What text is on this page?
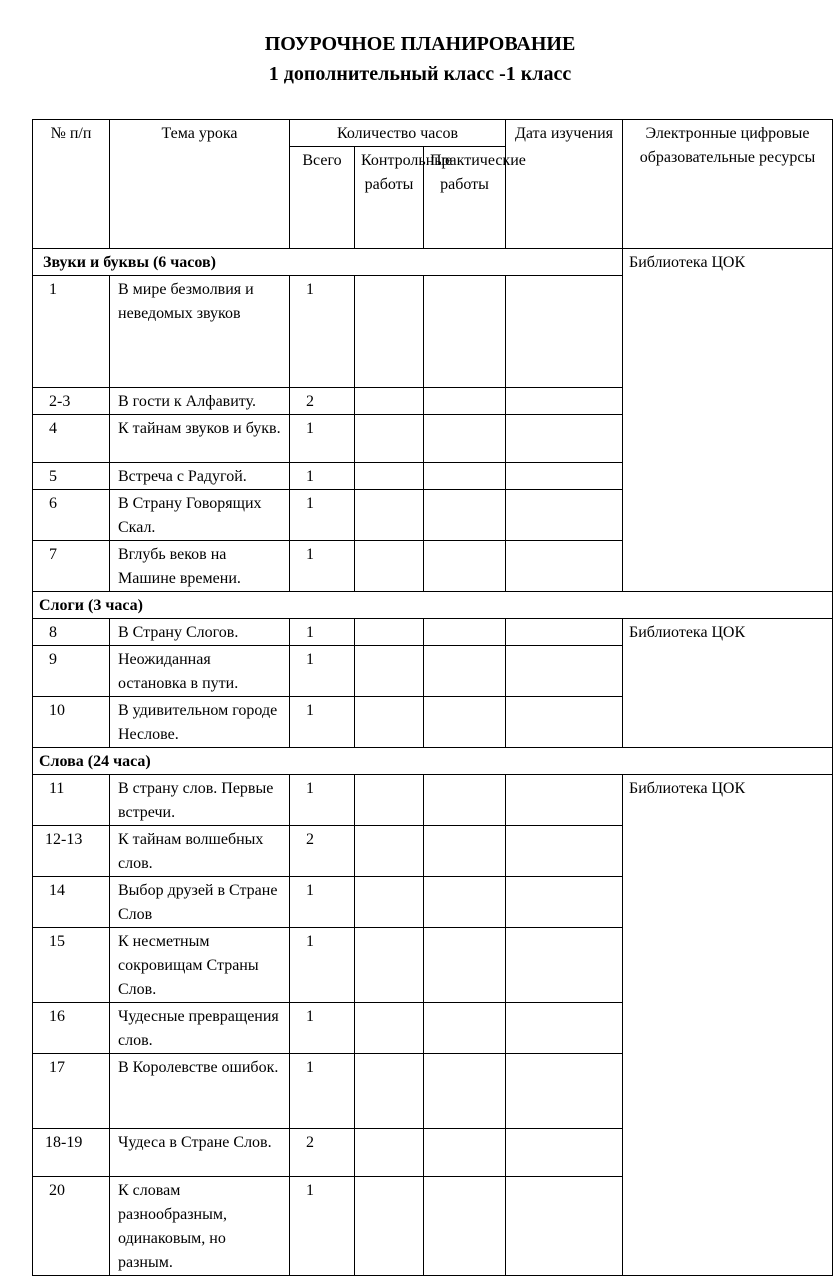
ПОУРОЧНОЕ ПЛАНИРОВАНИЕ
1 дополнительный класс -1 класс
№ п/п	Тема урока	Количество часов			Дата изучения	Электронные цифровые образовательные ресурсы
		Всего	Контрольные работы	Практические работы		
Звуки и буквы (6 часов)						Библиотека ЦОК
1	В мире безмолвия и неведомых звуков	1				
2-3	В гости к Алфавиту.	2				
4	К тайнам звуков и букв.	1				
5	Встреча с Радугой.	1				
6	В Страну Говорящих Скал.	1				
7	Вглубь веков на Машине времени.	1				
Слоги (3 часа)						
8	В Страну Слогов.	1				Библиотека ЦОК
9	Неожиданная остановка в пути.	1				
10	В удивительном городе Неслове.	1				
Слова (24 часа)						
11	В страну слов. Первые встречи.	1				Библиотека ЦОК
12-13	К тайнам волшебных слов.	2				
14	Выбор друзей в Стране Слов	1				
15	К несметным сокровищам Страны Слов.	1				
16	Чудесные превращения слов.	1				
17	В Королевстве ошибок.	1				
18-19	Чудеса в Стране Слов.	2				
20	К словам разнообразным, одинаковым, но разным.	1				
